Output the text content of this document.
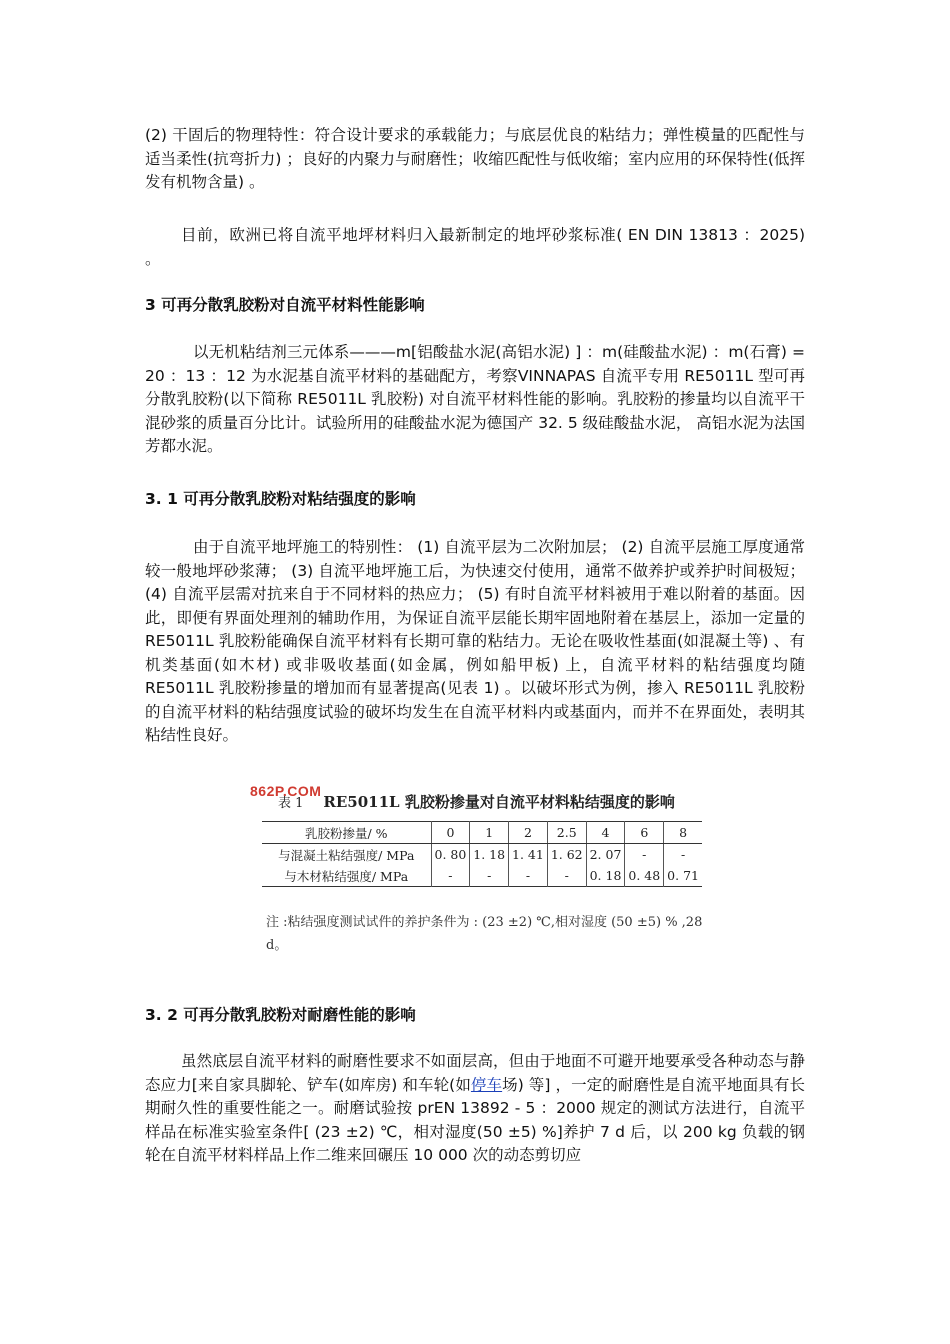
(2) 干固后的物理特性：符合设计要求的承载能力；与底层优良的粘结力；弹性模量的匹配性与适当柔性(抗弯折力) ；良好的内聚力与耐磨性；收缩匹配性与低收缩；室内应用的环保特性(低挥发有机物含量) 。

目前，欧洲已将自流平地坪材料归入最新制定的地坪砂浆标准( EN DIN 13813 ：2025) 。

3 可再分散乳胶粉对自流平材料性能影响

以无机粘结剂三元体系———m[铝酸盐水泥(高铝水泥) ] ：m(硅酸盐水泥) ：m(石膏) = 20 ：13 ：12 为水泥基自流平材料的基础配方，考察VINNAPAS 自流平专用 RE5011L 型可再分散乳胶粉(以下简称 RE5011L 乳胶粉) 对自流平材料性能的影响。乳胶粉的掺量均以自流平干混砂浆的质量百分比计。试验所用的硅酸盐水泥为德国产 32. 5 级硅酸盐水泥， 高铝水泥为法国芳都水泥。

3. 1 可再分散乳胶粉对粘结强度的影响

由于自流平地坪施工的特别性： (1) 自流平层为二次附加层； (2) 自流平层施工厚度通常较一般地坪砂浆薄； (3) 自流平地坪施工后，为快速交付使用，通常不做养护或养护时间极短； (4) 自流平层需对抗来自于不同材料的热应力； (5) 有时自流平材料被用于难以附着的基面。因此，即便有界面处理剂的辅助作用，为保证自流平层能长期牢固地附着在基层上，添加一定量的 RE5011L 乳胶粉能确保自流平材料有长期可靠的粘结力。无论在吸收性基面(如混凝土等) 、有机类基面(如木材) 或非吸收基面(如金属，例如船甲板) 上，自流平材料的粘结强度均随RE5011L 乳胶粉掺量的增加而有显著提高(见表 1) 。以破坏形式为例，掺入 RE5011L 乳胶粉的自流平材料的粘结强度试验的破坏均发生在自流平材料内或基面内，而并不在界面处，表明其粘结性良好。

862P.COM
表 1 RE5011L 乳胶粉掺量对自流平材料粘结强度的影响
乳胶粉掺量/ %	0	1	2	2.5	4	6	8
与混凝土粘结强度/ MPa	0. 80	1. 18	1. 41	1. 62	2. 07	-	-
与木材粘结强度/ MPa	-	-	-	-	0. 18	0. 48	0. 71
注 :粘结强度测试试件的养护条件为 : (23 ±2) ℃,相对湿度 (50 ±5) % ,28 d。

3. 2 可再分散乳胶粉对耐磨性能的影响

虽然底层自流平材料的耐磨性要求不如面层高，但由于地面不可避开地要承受各种动态与静态应力[来自家具脚轮、铲车(如库房) 和车轮(如停车场) 等] ，一定的耐磨性是自流平地面具有长期耐久性的重要性能之一。耐磨试验按 prEN 13892 - 5 ：2000 规定的测试方法进行，自流平样品在标准实验室条件[ (23 ±2) ℃，相对湿度(50 ±5) %]养护 7 d 后，以 200 kg 负载的钢轮在自流平材料样品上作二维来回碾压 10 000 次的动态剪切应
